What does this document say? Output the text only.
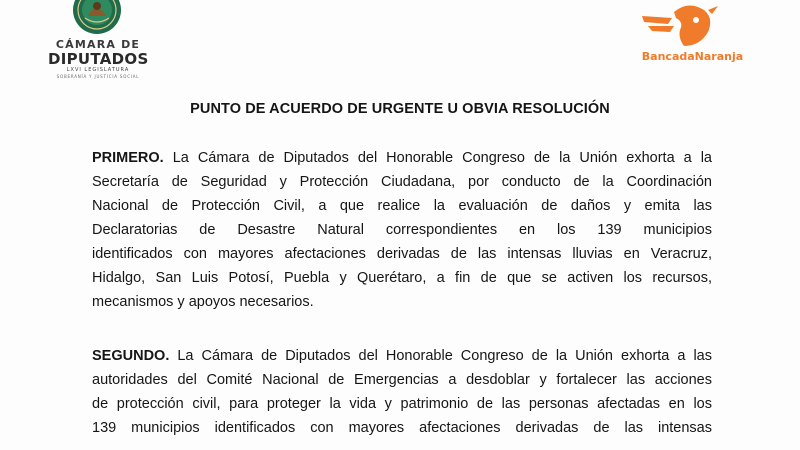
CÁMARA DE
DIPUTADOS
LXVI LEGISLATURA
SOBERANÍA Y JUSTICIA SOCIAL
BancadaNaranja
PUNTO DE ACUERDO DE URGENTE U OBVIA RESOLUCIÓN
PRIMERO. La Cámara de Diputados del Honorable Congreso de la Unión exhorta a la
Secretaría de Seguridad y Protección Ciudadana, por conducto de la Coordinación
Nacional de Protección Civil, a que realice la evaluación de daños y emita las
Declaratorias de Desastre Natural correspondientes en los 139 municipios
identificados con mayores afectaciones derivadas de las intensas lluvias en Veracruz,
Hidalgo, San Luis Potosí, Puebla y Querétaro, a fin de que se activen los recursos,
mecanismos y apoyos necesarios.
SEGUNDO. La Cámara de Diputados del Honorable Congreso de la Unión exhorta a las
autoridades del Comité Nacional de Emergencias a desdoblar y fortalecer las acciones
de protección civil, para proteger la vida y patrimonio de las personas afectadas en los
139 municipios identificados con mayores afectaciones derivadas de las intensas
